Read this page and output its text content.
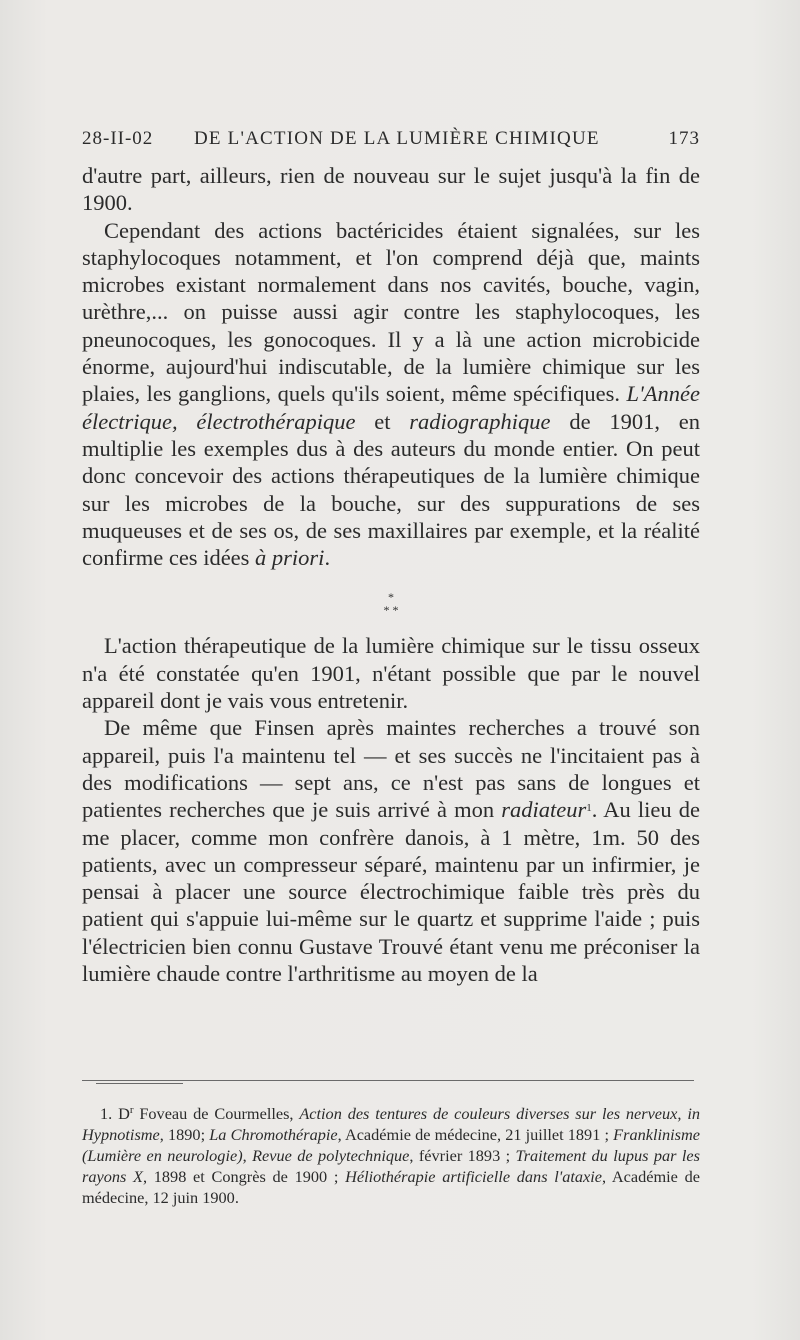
28-II-02 DE L'ACTION DE LA LUMIÈRE CHIMIQUE	173

d'autre part, ailleurs, rien de nouveau sur le sujet jusqu'à la fin de 1900.

Cependant des actions bactéricides étaient signalées, sur les staphylocoques notamment, et l'on comprend déjà que, maints microbes existant normalement dans nos cavités, bouche, vagin, urèthre,... on puisse aussi agir contre les staphylocoques, les pneunocoques, les gonocoques. Il y a là une action microbicide énorme, aujourd'hui indiscutable, de la lumière chimique sur les plaies, les ganglions, quels qu'ils soient, même spécifiques. L'Année électrique, électrothérapique et radiographique de 1901, en multiplie les exemples dus à des auteurs du monde entier. On peut donc concevoir des actions thérapeutiques de la lumière chimique sur les microbes de la bouche, sur des suppurations de ses muqueuses et de ses os, de ses maxillaires par exemple, et la réalité confirme ces idées à priori.

*
* *

L'action thérapeutique de la lumière chimique sur le tissu osseux n'a été constatée qu'en 1901, n'étant possible que par le nouvel appareil dont je vais vous entretenir.

De même que Finsen après maintes recherches a trouvé son appareil, puis l'a maintenu tel — et ses succès ne l'incitaient pas à des modifications — sept ans, ce n'est pas sans de longues et patientes recherches que je suis arrivé à mon radiateur$^1$. Au lieu de me placer, comme mon confrère danois, à 1 mètre, 1m. 50 des patients, avec un compresseur séparé, maintenu par un infirmier, je pensai à placer une source électrochimique faible très près du patient qui s'appuie lui-même sur le quartz et supprime l'aide ; puis l'électricien bien connu Gustave Trouvé étant venu me préconiser la lumière chaude contre l'arthritisme au moyen de la

1. $D^r$ Foveau de Courmelles, Action des tentures de couleurs diverses sur les nerveux, in Hypnotisme, 1890; La Chromothérapie, Académie de médecine, 21 juillet 1891 ; Franklinisme (Lumière en neurologie), Revue de polytechnique, février 1893 ; Traitement du lupus par les rayons X, 1898 et Congrès de 1900 ; Héliothérapie artificielle dans l'ataxie, Académie de médecine, 12 juin 1900.
